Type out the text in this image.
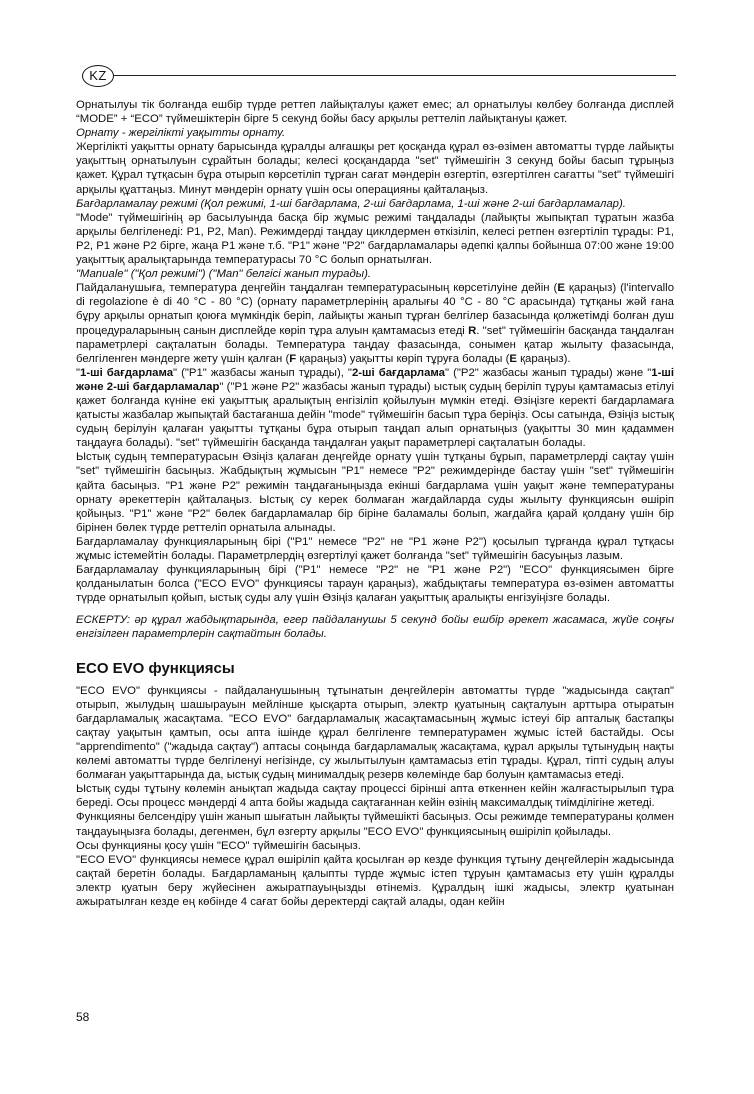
KZ

Орнатылуы тік болғанда ешбір түрде реттеп лайықталуы қажет емес; ал орнатылуы көлбеу болғанда дисплей “MODE” + “ECO” түймешіктерін бірге 5 секунд бойы басу арқылы реттеліп лайықтануы қажет.

Орнату - жергілікті уақытты орнату.

Жергілікті уақытты орнату барысында құралды алғашқы рет қосқанда құрал өз-өзімен автоматты түрде лайықты уақыттың орнатылуын сұрайтын болады; келесі қосқандарда "set" түймешігін 3 секунд бойы басып тұрыңыз қажет. Құрал тұтқасын бұра отырып көрсетіліп тұрған сағат мәндерін өзгертіп, өзгертілген сағатты "set" түймешігі арқылы құаттаңыз. Минут мәндерін орнату үшін осы операцияны қайталаңыз.

Бағдарламалау режимі (Қол режимі, 1-ші бағдарлама, 2-ші бағдарлама, 1-ші және 2-ші бағдарламалар).

"Mode" түймешігінің әр басылуында басқа бір жұмыс режимі таңдалады (лайықты жыпықтап тұратын жазба арқылы белгіленеді: P1, P2, Man). Режимдерді таңдау циклдермен өткізіліп, келесі ретпен өзгертіліп тұрады: P1, P2, P1 және P2 бірге, жаңа P1 және т.б. "P1" және "P2" бағдарламалары әдепкі қалпы бойынша 07:00 және 19:00 уақыттық аралықтарында температурасы 70 °C болып орнатылған.

"Manuale" ("Қол режимі") ("Man" белгісі жанып турады).

Пайдаланушыға, температура деңгейін таңдалған температурасының көрсетілуіне дейін (E қараңыз) (l'intervallo di regolazione è di 40 °C - 80 °C) (орнату параметрлерінің аралығы 40 °C - 80 °C арасында) тұтқаны жәй ғана бұру арқылы орнатып қоюға мүмкіндік беріп, лайықты жанып тұрған белгілер базасында қолжетімді болған душ процедураларының санын дисплейде көріп тұра алуын қамтамасыз етеді R. "set" түймешігін басқанда таңдалған параметрлері сақталатын болады. Температура таңдау фазасында, сонымен қатар жылыту фазасында, белгіленген мәндерге жету үшін қалған (F қараңыз) уақытты көріп тұруға болады (E қараңыз).

"1-ші бағдарлама" ("P1" жазбасы жанып тұрады), "2-ші бағдарлама" ("P2" жазбасы жанып тұрады) және "1-ші және 2-ші бағдарламалар" ("P1 және P2" жазбасы жанып тұрады) ыстық судың беріліп тұруы қамтамасыз етілуі қажет болғанда күніне екі уақыттық аралықтың енгізіліп қойылуын мүмкін етеді. Өзіңізге керекті бағдарламаға қатысты жазбалар жыпықтай бастағанша дейін "mode" түймешігін басып тұра беріңіз. Осы сатында, Өзіңіз ыстық судың берілуін қалаған уақытты тұтқаны бұра отырып таңдап алып орнатыңыз (уақытты 30 мин қадаммен таңдауға болады). "set" түймешігін басқанда таңдалған уақыт параметрлері сақталатын болады.

Ыстық судың температурасын Өзіңіз қалаған деңгейде орнату үшін тұтқаны бұрып, параметрлерді сақтау үшін "set" түймешігін басыңыз. Жабдықтың жұмысын "P1" немесе "P2" режимдерінде бастау үшін "set" түймешігін қайта басыңыз. "P1 және P2" режимін таңдағаныңызда екінші бағдарлама үшін уақыт және температураны орнату әрекеттерін қайталаңыз. Ыстық су керек болмаған жағдайларда суды жылыту функциясын өшіріп қойыңыз. "P1" және "P2" бөлек бағдарламалар бір біріне баламалы болып, жағдайға қарай қолдану үшін бір бірінен бөлек түрде реттеліп орнатыла алынады.

Бағдарламалау функцияларының бірі ("P1" немесе "P2" не "P1 және P2") қосылып тұрғанда құрал тұтқасы жұмыс істемейтін болады. Параметрлердің өзгертілуі қажет болғанда "set" түймешігін басуыңыз лазым.

Бағдарламалау функцияларының бірі ("P1" немесе "P2" не "P1 және P2") "ECO" функциясымен бірге қолданылатын болса ("ECO EVO" функциясы тараун қараңыз), жабдықтағы температура өз-өзімен автоматты түрде орнатылып қойып, ыстық суды алу үшін Өзіңіз қалаған уақыттық аралықты енгізуіңізге болады.

ЕСКЕРТУ: әр құрал жабдықтарында, егер пайдаланушы 5 секунд бойы ешбір әрекет жасамаса, жүйе соңғы енгізілген параметрлерін сақтайтын болады.

ECO EVO функциясы

"ECO EVO" функциясы - пайдаланушының тұтынатын деңгейлерін автоматты түрде "жадысында сақтап" отырып, жылудың шашырауын мейлінше қысқарта отырып, электр қуатының сақталуын арттыра отыратын бағдарламалық жасақтама. "ECO EVO" бағдарламалық жасақтамасының жұмыс істеуі бір апталық бастапқы сақтау уақытын қамтып, осы апта ішінде құрал белгіленге температурамен жұмыс істей бастайды. Осы "apprendimento" ("жадыда сақтау") аптасы соңында бағдарламалық жасақтама, құрал арқылы тұтынудың нақты көлемі автоматты түрде белгіленуі негізінде, су жылытылуын қамтамасыз етіп тұрады. Құрал, тіпті судың алуы болмаған уақыттарында да, ыстық судың минималдық резерв көлемінде бар болуын қамтамасыз етеді.

Ыстық суды тұтыну көлемін анықтап жадыда сақтау процессі бірінші апта өткеннен кейін жалғастырылып тұра береді. Осы процесс мәндерді 4 апта бойы жадыда сақтағаннан кейін өзінің максималдық тиімділігіне жетеді.

Функцияны белсендіру үшін жанып шығатын лайықты түймешікті басыңыз. Осы режимде температураны қолмен таңдауыңызға болады, дегенмен, бұл өзгерту арқылы "ECO EVO" функциясының өшіріліп қойылады.

Осы функцияны қосу үшін "ECO" түймешігін басыңыз.

"ECO EVO" функциясы немесе құрал өшіріліп қайта қосылған әр кезде функция тұтыну деңгейлерін жадысында сақтай беретін болады. Бағдарламаның қалыпты түрде жұмыс істеп тұруын қамтамасыз ету үшін құралды электр қуатын беру жүйесінен ажыратпауыңызды өтінеміз. Құралдың ішкі жадысы, электр қуатынан ажыратылған кезде ең көбінде 4 сағат бойы деректерді сақтай алады, одан кейін

58
